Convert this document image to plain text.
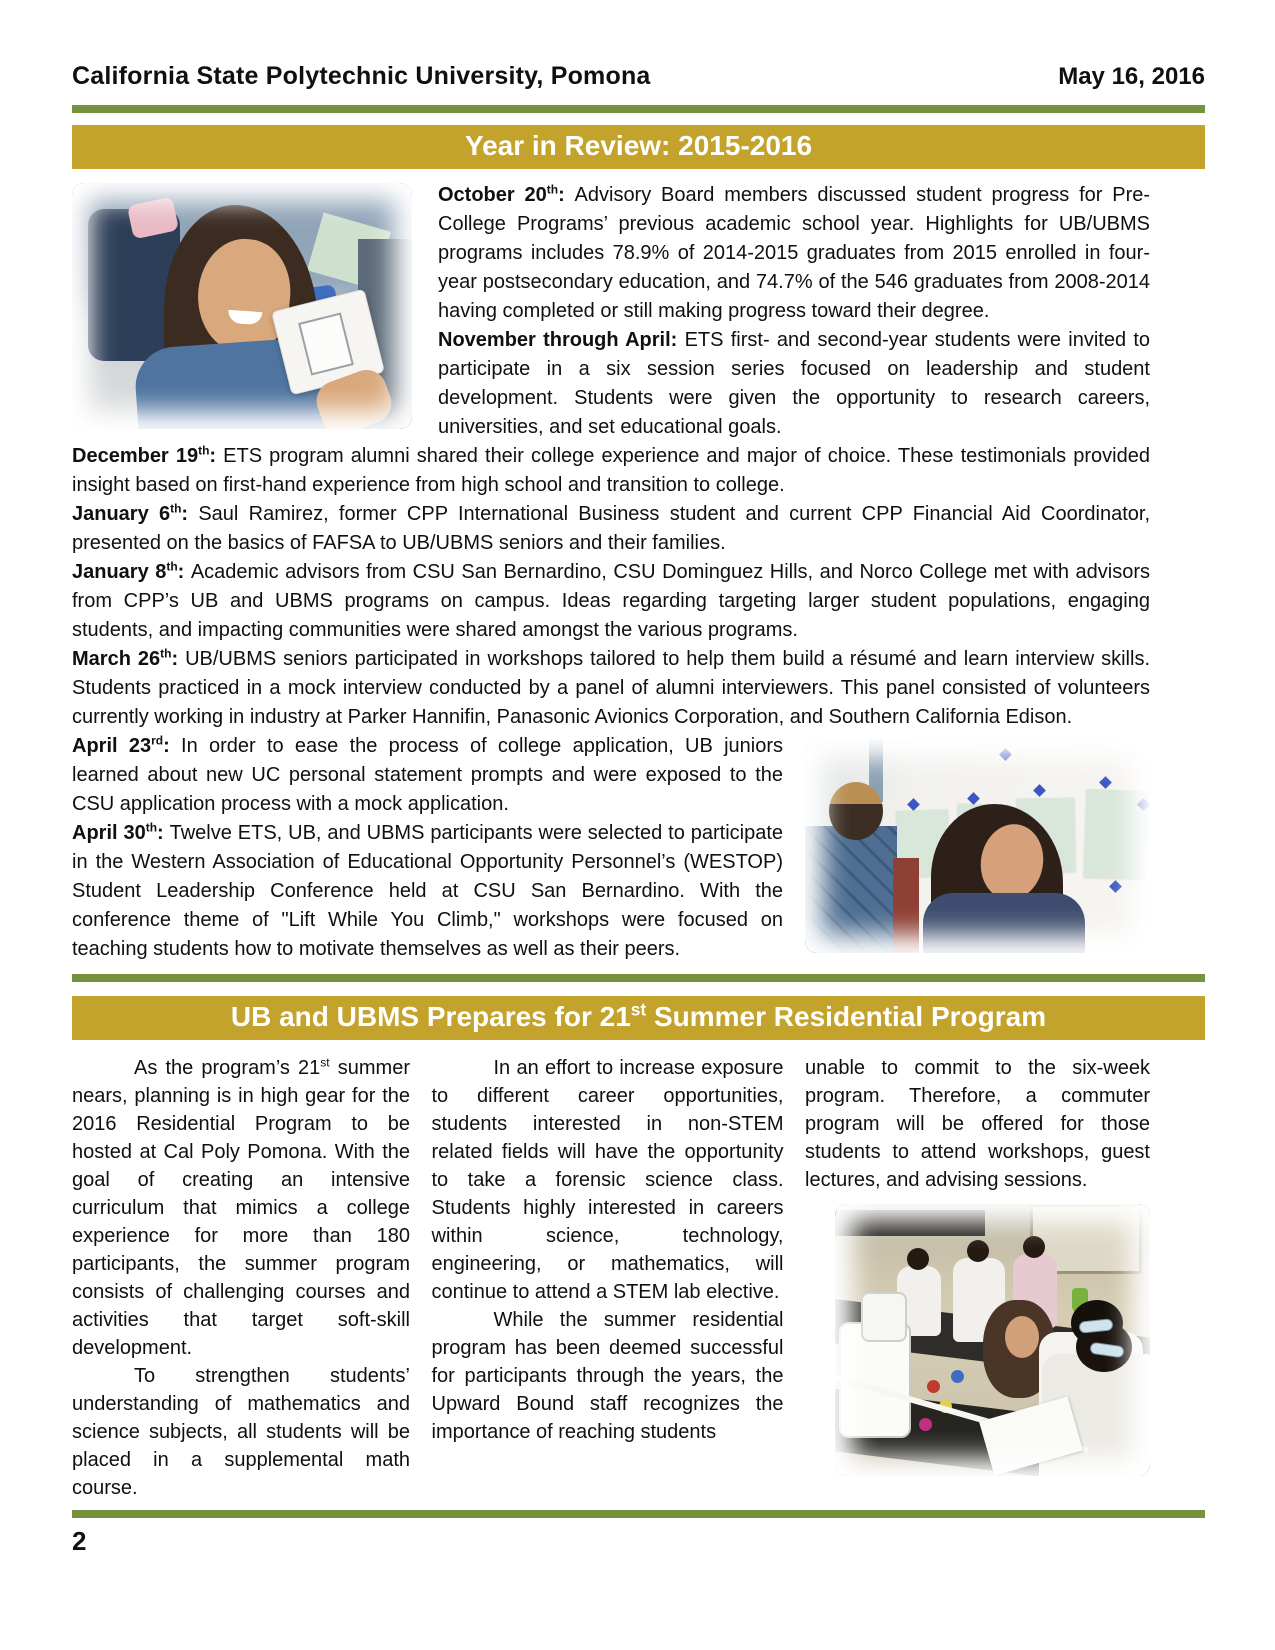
California State Polytechnic University, Pomona	May 16, 2016
Year in Review: 2015-2016

October 20th: Advisory Board members discussed student progress for Pre-College Programs’ previous academic school year. Highlights for UB/UBMS programs includes 78.9% of 2014-2015 graduates from 2015 enrolled in four-year postsecondary education, and 74.7% of the 546 graduates from 2008-2014 having completed or still making progress toward their degree.

November through April: ETS first- and second-year students were invited to participate in a six session series focused on leadership and student development. Students were given the opportunity to research careers, universities, and set educational goals.

December 19th: ETS program alumni shared their college experience and major of choice. These testimonials provided insight based on first-hand experience from high school and transition to college.

January 6th: Saul Ramirez, former CPP International Business student and current CPP Financial Aid Coordinator, presented on the basics of FAFSA to UB/UBMS seniors and their families.

January 8th: Academic advisors from CSU San Bernardino, CSU Dominguez Hills, and Norco College met with advisors from CPP’s UB and UBMS programs on campus. Ideas regarding targeting larger student populations, engaging students, and impacting communities were shared amongst the various programs.

March 26th: UB/UBMS seniors participated in workshops tailored to help them build a résumé and learn interview skills. Students practiced in a mock interview conducted by a panel of alumni interviewers. This panel consisted of volunteers currently working in industry at Parker Hannifin, Panasonic Avionics Corporation, and Southern California Edison.

April 23rd: In order to ease the process of college application, UB juniors learned about new UC personal statement prompts and were exposed to the CSU application process with a mock application.

April 30th: Twelve ETS, UB, and UBMS participants were selected to participate in the Western Association of Educational Opportunity Personnel’s (WESTOP) Student Leadership Conference held at CSU San Bernardino. With the conference theme of "Lift While You Climb," workshops were focused on teaching students how to motivate themselves as well as their peers.

UB and UBMS Prepares for 21st Summer Residential Program

As the program’s 21st summer nears, planning is in high gear for the 2016 Residential Program to be hosted at Cal Poly Pomona. With the goal of creating an intensive curriculum that mimics a college experience for more than 180 participants, the summer program consists of challenging courses and activities that target soft-skill development.

To strengthen students’ understanding of mathematics and science subjects, all students will be placed in a supplemental math course.

In an effort to increase exposure to different career opportunities, students interested in non-STEM related fields will have the opportunity to take a forensic science class. Students highly interested in careers within science, technology, engineering, or mathematics, will continue to attend a STEM lab elective.

While the summer residential program has been deemed successful for participants through the years, the Upward Bound staff recognizes the importance of reaching students

unable to commit to the six-week program. Therefore, a commuter program will be offered for those students to attend workshops, guest lectures, and advising sessions.

2
